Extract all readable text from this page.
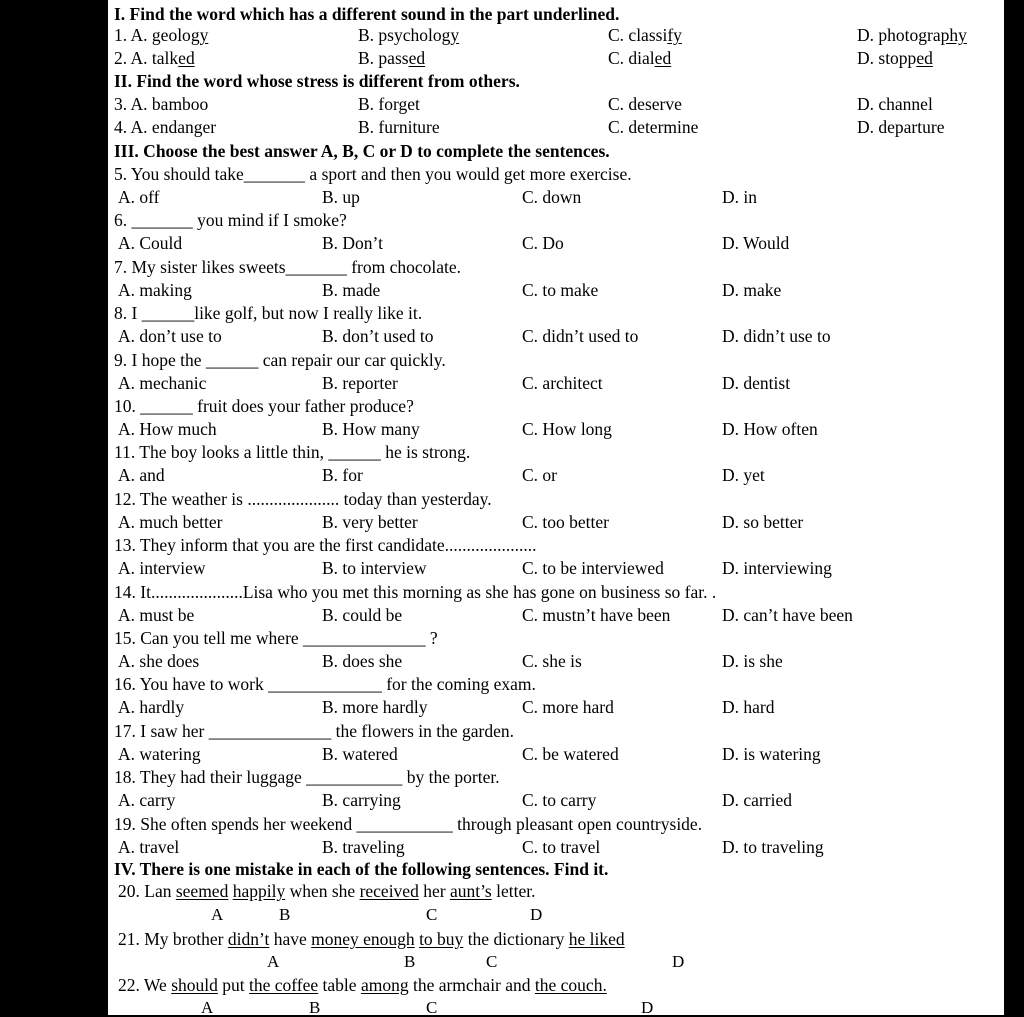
I. Find the word which has a different sound in the part underlined.
1. A. geology	B. psychology	C. classify	D. photography
2. A. talked	B. passed	C. dialed	D. stopped
II. Find the word whose stress is different from others.
3. A. bamboo	B. forget	C. deserve	D. channel
4. A. endanger	B. furniture	C. determine	D. departure
III. Choose the best answer A, B, C or D to complete the sentences.
5. You should take_______ a sport and then you would get more exercise.
A. off	B. up	C. down	D. in
6. _______ you mind if I smoke?
A. Could	B. Don’t	C. Do	D. Would
7. My sister likes sweets_______ from chocolate.
A. making	B. made	C. to make	D. make
8. I ______like golf, but now I really like it.
A. don’t use to	B. don’t used to	C. didn’t used to	D. didn’t use to
9. I hope the ______ can repair our car quickly.
A. mechanic	B. reporter	C. architect	D. dentist
10. ______ fruit does your father produce?
A. How much	B. How many	C. How long	D. How often
11. The boy looks a little thin, ______ he is strong.
A. and	B. for	C. or	D. yet
12. The weather is ..................... today than yesterday.
A. much better	B. very better	C. too better	D. so better
13. They inform that you are the first candidate.....................
A. interview	B. to interview	C. to be interviewed	D. interviewing
14. It.....................Lisa who you met this morning as she has gone on business so far. .
A. must be	B. could be	C. mustn’t have been	D. can’t have been
15. Can you tell me where ______________ ?
A. she does	B. does she	C. she is	D. is she
16. You have to work _____________ for the coming exam.
A. hardly	B. more hardly	C. more hard	D. hard
17. I saw her ______________ the flowers in the garden.
A. watering	B. watered	C. be watered	D. is watering
18. They had their luggage ___________ by the porter.
A. carry	B. carrying	C. to carry	D. carried
19. She often spends her weekend ___________ through pleasant open countryside.
A. travel	B. traveling	C. to travel	D. to traveling
IV. There is one mistake in each of the following sentences. Find it.
20. Lan seemed happily when she received her aunt’s letter.
A	B	C	D
21. My brother didn’t have money enough to buy the dictionary he liked
A	B	C	D
22. We should put the coffee table among the armchair and the couch.
A	B	C	D
